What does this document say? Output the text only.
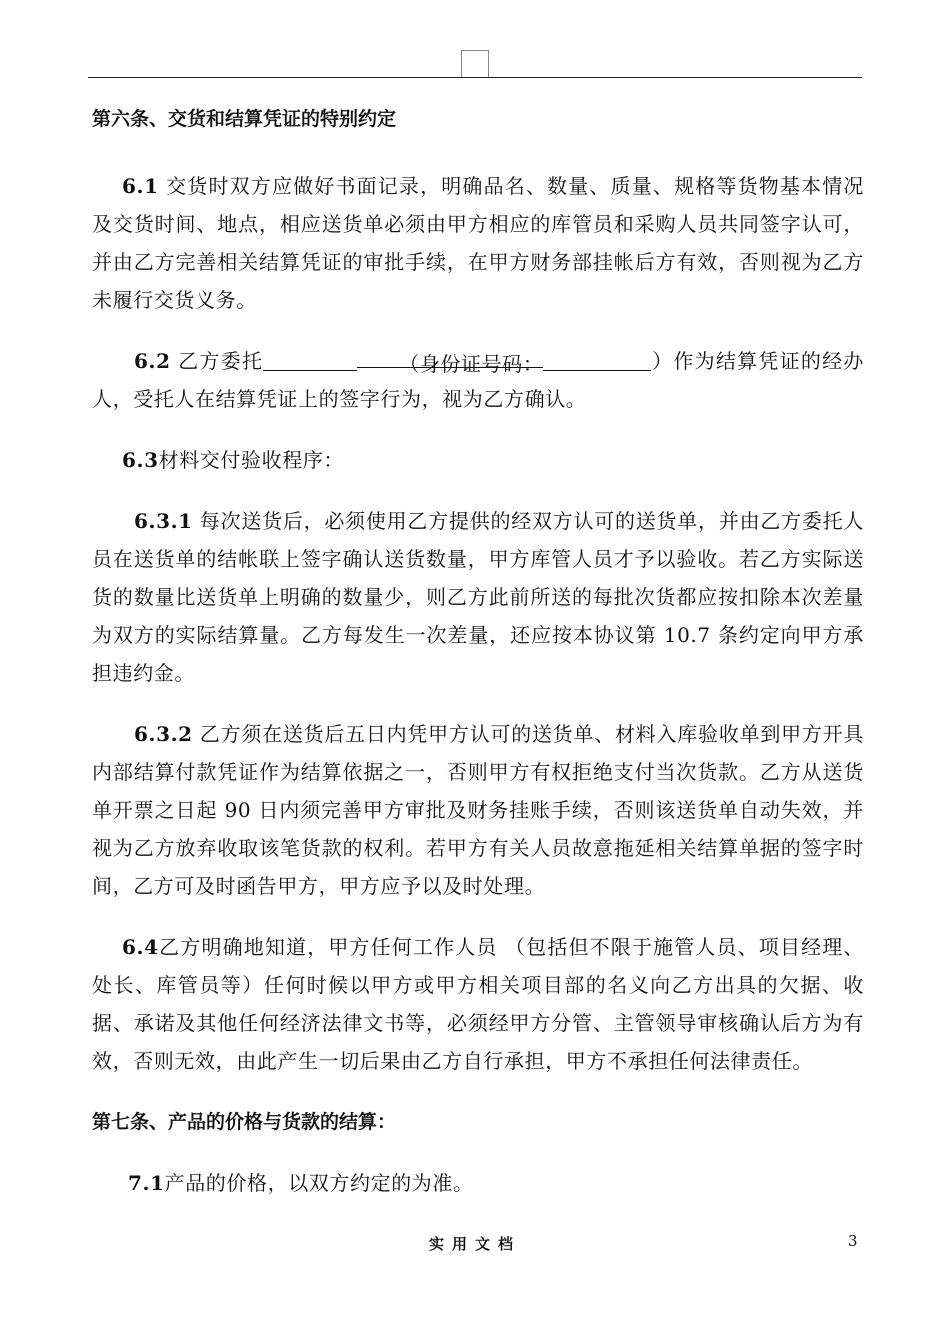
第六条、交货和结算凭证的特别约定

6.1 交货时双方应做好书面记录，明确品名、数量、质量、规格等货物基本情况及交货时间、地点，相应送货单必须由甲方相应的库管员和采购人员共同签字认可，并由乙方完善相关结算凭证的审批手续，在甲方财务部挂帐后方有效，否则视为乙方未履行交货义务。

6.2 乙方委托	（身份证号码：	）作为结算凭证的经办人，受托人在结算凭证上的签字行为，视为乙方确认。

6.3材料交付验收程序：

6.3.1 每次送货后，必须使用乙方提供的经双方认可的送货单，并由乙方委托人员在送货单的结帐联上签字确认送货数量，甲方库管人员才予以验收。若乙方实际送货的数量比送货单上明确的数量少，则乙方此前所送的每批次货都应按扣除本次差量为双方的实际结算量。乙方每发生一次差量，还应按本协议第 10.7 条约定向甲方承担违约金。

6.3.2 乙方须在送货后五日内凭甲方认可的送货单、材料入库验收单到甲方开具内部结算付款凭证作为结算依据之一，否则甲方有权拒绝支付当次货款。乙方从送货单开票之日起 90 日内须完善甲方审批及财务挂账手续，否则该送货单自动失效，并视为乙方放弃收取该笔货款的权利。若甲方有关人员故意拖延相关结算单据的签字时间，乙方可及时函告甲方，甲方应予以及时处理。

6.4乙方明确地知道，甲方任何工作人员 （包括但不限于施管人员、项目经理、处长、库管员等）任何时候以甲方或甲方相关项目部的名义向乙方出具的欠据、收据、承诺及其他任何经济法律文书等，必须经甲方分管、主管领导审核确认后方为有效，否则无效，由此产生一切后果由乙方自行承担，甲方不承担任何法律责任。

第七条、产品的价格与货款的结算：

7.1产品的价格，以双方约定的为准。

实用文档	3
